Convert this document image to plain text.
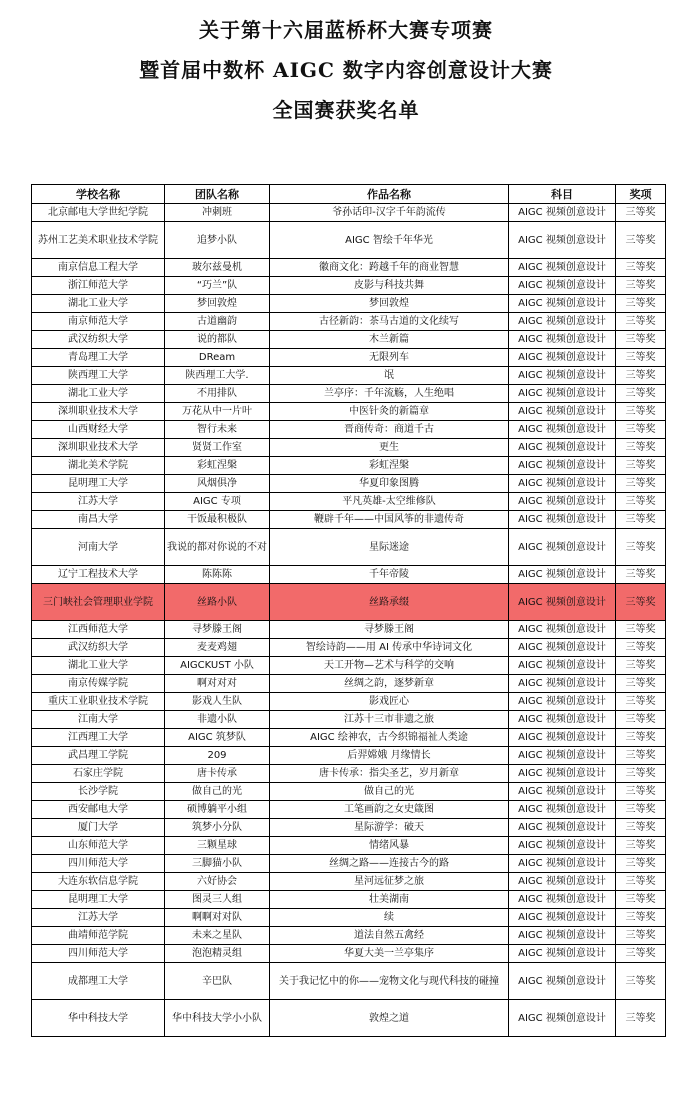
关于第十六届蓝桥杯大赛专项赛
暨首届中数杯 AIGC 数字内容创意设计大赛
全国赛获奖名单
学校名称	团队名称	作品名称	科目	奖项
北京邮电大学世纪学院	冲刺班	爷孙话印-汉字千年韵流传	AIGC 视频创意设计	三等奖
苏州工艺美术职业技术学院	追梦小队	AIGC 智绘千年华光	AIGC 视频创意设计	三等奖
南京信息工程大学	玻尔兹曼机	徽商文化：跨越千年的商业智慧	AIGC 视频创意设计	三等奖
浙江师范大学	“巧兰”队	皮影与科技共舞	AIGC 视频创意设计	三等奖
湖北工业大学	梦回敦煌	梦回敦煌	AIGC 视频创意设计	三等奖
南京师范大学	古道幽韵	古径新韵：茶马古道的文化续写	AIGC 视频创意设计	三等奖
武汉纺织大学	说的都队	木兰新篇	AIGC 视频创意设计	三等奖
青岛理工大学	DReam	无限列车	AIGC 视频创意设计	三等奖
陕西理工大学	陕西理工大学.	氓	AIGC 视频创意设计	三等奖
湖北工业大学	不用排队	兰亭序：千年流觞，人生绝唱	AIGC 视频创意设计	三等奖
深圳职业技术大学	万花从中一片叶	中医针灸的新篇章	AIGC 视频创意设计	三等奖
山西财经大学	智行未来	晋商传奇：商道千古	AIGC 视频创意设计	三等奖
深圳职业技术大学	贤贤工作室	更生	AIGC 视频创意设计	三等奖
湖北美术学院	彩虹涅槃	彩虹涅槃	AIGC 视频创意设计	三等奖
昆明理工大学	风烟俱净	华夏印象图腾	AIGC 视频创意设计	三等奖
江苏大学	AIGC 专项	平凡英雄-太空维修队	AIGC 视频创意设计	三等奖
南昌大学	干饭最积极队	鞭辟千年——中国风筝的非遗传奇	AIGC 视频创意设计	三等奖
河南大学	我说的都对你说的不对	星际迷途	AIGC 视频创意设计	三等奖
辽宁工程技术大学	陈陈陈	千年帝陵	AIGC 视频创意设计	三等奖
三门峡社会管理职业学院	丝路小队	丝路承缀	AIGC 视频创意设计	三等奖
江西师范大学	寻梦滕王阁	寻梦滕王阁	AIGC 视频创意设计	三等奖
武汉纺织大学	麦麦鸡翅	智绘诗韵——用 AI 传承中华诗词文化	AIGC 视频创意设计	三等奖
湖北工业大学	AIGCKUST 小队	天工开物—艺术与科学的交响	AIGC 视频创意设计	三等奖
南京传媒学院	啊对对对	丝绸之韵，逐梦新章	AIGC 视频创意设计	三等奖
重庆工业职业技术学院	影戏人生队	影戏匠心	AIGC 视频创意设计	三等奖
江南大学	非遗小队	江苏十三市非遗之旅	AIGC 视频创意设计	三等奖
江西理工大学	AIGC 筑梦队	AIGC 绘神农，古今织锦福祉人类途	AIGC 视频创意设计	三等奖
武昌理工学院	209	后羿嫦娥 月缘情长	AIGC 视频创意设计	三等奖
石家庄学院	唐卡传承	唐卡传承：指尖圣艺，岁月新章	AIGC 视频创意设计	三等奖
长沙学院	做自己的光	做自己的光	AIGC 视频创意设计	三等奖
西安邮电大学	硕博躺平小组	工笔画韵之女史箴图	AIGC 视频创意设计	三等奖
厦门大学	筑梦小分队	星际游学：破天	AIGC 视频创意设计	三等奖
山东师范大学	三颗星球	情绪风暴	AIGC 视频创意设计	三等奖
四川师范大学	三脚猫小队	丝绸之路——连接古今的路	AIGC 视频创意设计	三等奖
大连东软信息学院	六好协会	星河远征梦之旅	AIGC 视频创意设计	三等奖
昆明理工大学	图灵三人组	壮美湖南	AIGC 视频创意设计	三等奖
江苏大学	啊啊对对队	续	AIGC 视频创意设计	三等奖
曲靖师范学院	未来之星队	道法自然五禽经	AIGC 视频创意设计	三等奖
四川师范大学	泡泡精灵组	华夏大美一兰亭集序	AIGC 视频创意设计	三等奖
成都理工大学	辛巴队	关于我记忆中的你——宠物文化与现代科技的碰撞	AIGC 视频创意设计	三等奖
华中科技大学	华中科技大学小小队	敦煌之道	AIGC 视频创意设计	三等奖
